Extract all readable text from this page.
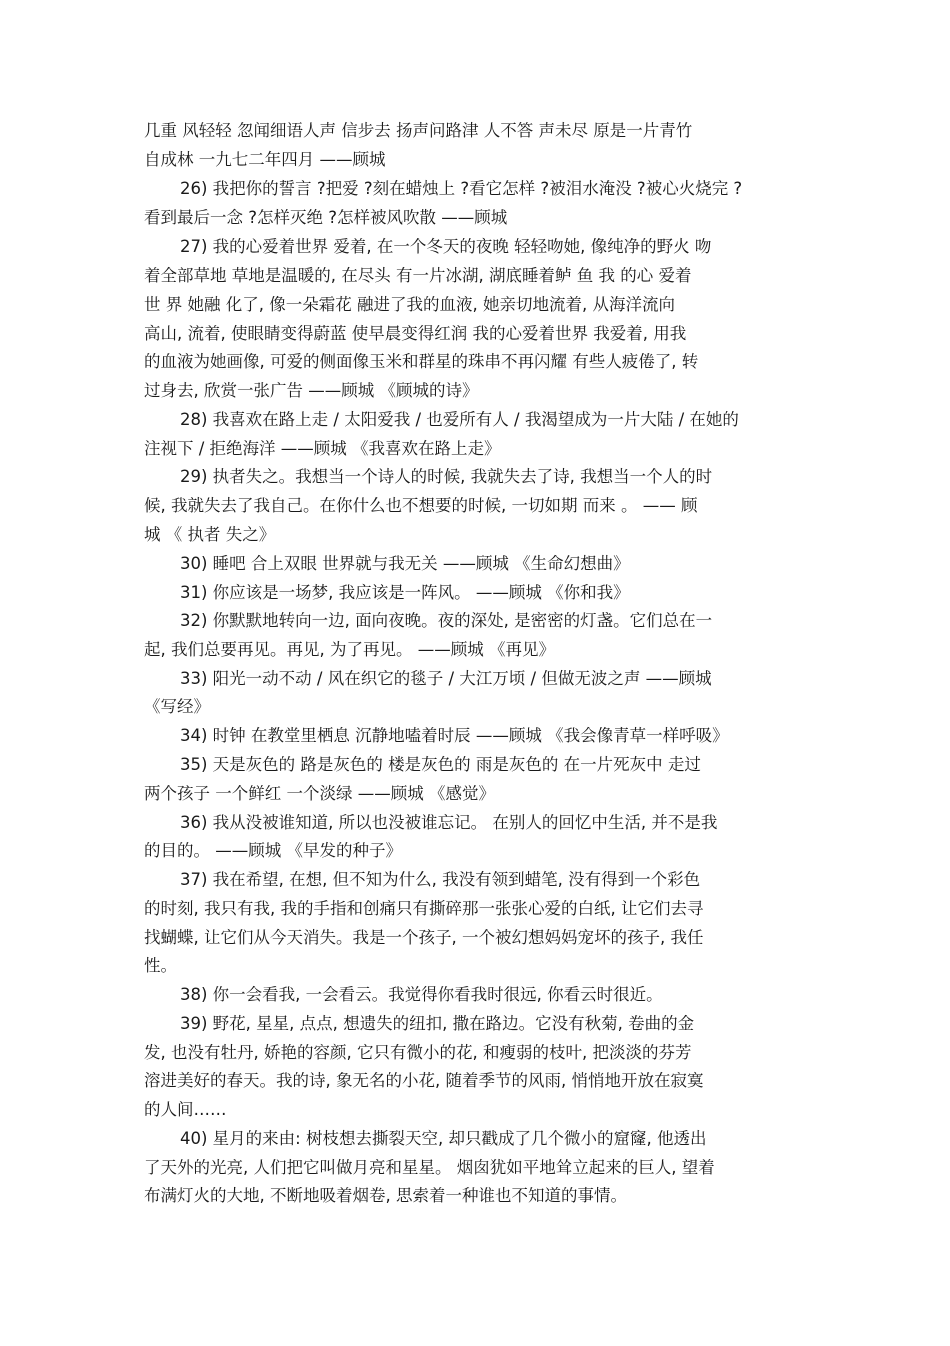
几重 风轻轻 忽闻细语人声 信步去 扬声问路津 人不答 声未尽 原是一片青竹
自成林 一九七二年四月 ——顾城
26) 我把你的誓言 ?把爱 ?刻在蜡烛上 ?看它怎样 ?被泪水淹没 ?被心火烧完 ?
看到最后一念 ?怎样灭绝 ?怎样被风吹散 ——顾城
27) 我的心爱着世界 爱着, 在一个冬天的夜晚 轻轻吻她, 像纯净的野火 吻
着全部草地 草地是温暖的, 在尽头 有一片冰湖, 湖底睡着鲈 鱼 我 的心 爱着
世 界 她融 化了, 像一朵霜花 融进了我的血液, 她亲切地流着, 从海洋流向
高山, 流着, 使眼睛变得蔚蓝 使早晨变得红润 我的心爱着世界 我爱着, 用我
的血液为她画像, 可爱的侧面像玉米和群星的珠串不再闪耀 有些人疲倦了, 转
过身去, 欣赏一张广告 ——顾城 《顾城的诗》
28) 我喜欢在路上走 / 太阳爱我 / 也爱所有人 / 我渴望成为一片大陆 / 在她的
注视下 / 拒绝海洋 ——顾城 《我喜欢在路上走》
29) 执者失之。我想当一个诗人的时候, 我就失去了诗, 我想当一个人的时
候, 我就失去了我自己。在你什么也不想要的时候, 一切如期 而来 。 —— 顾
城 《 执者 失之》
30) 睡吧 合上双眼 世界就与我无关 ——顾城 《生命幻想曲》
31) 你应该是一场梦, 我应该是一阵风。 ——顾城 《你和我》
32) 你默默地转向一边, 面向夜晚。夜的深处, 是密密的灯盏。它们总在一
起, 我们总要再见。再见, 为了再见。 ——顾城 《再见》
33) 阳光一动不动 / 风在织它的毯子 / 大江万顷 / 但做无波之声 ——顾城
《写经》
34) 时钟 在教堂里栖息 沉静地嗑着时辰 ——顾城 《我会像青草一样呼吸》
35) 天是灰色的 路是灰色的 楼是灰色的 雨是灰色的 在一片死灰中 走过
两个孩子 一个鲜红 一个淡绿 ——顾城 《感觉》
36) 我从没被谁知道, 所以也没被谁忘记。 在别人的回忆中生活, 并不是我
的目的。 ——顾城 《早发的种子》
37) 我在希望, 在想, 但不知为什么, 我没有领到蜡笔, 没有得到一个彩色
的时刻, 我只有我, 我的手指和创痛只有撕碎那一张张心爱的白纸, 让它们去寻
找蝴蝶, 让它们从今天消失。我是一个孩子, 一个被幻想妈妈宠坏的孩子, 我任
性。
38) 你一会看我, 一会看云。我觉得你看我时很远, 你看云时很近。
39) 野花, 星星, 点点, 想遗失的纽扣, 撒在路边。它没有秋菊, 卷曲的金
发, 也没有牡丹, 娇艳的容颜, 它只有微小的花, 和瘦弱的枝叶, 把淡淡的芬芳
溶进美好的春天。我的诗, 象无名的小花, 随着季节的风雨, 悄悄地开放在寂寞
的人间……
40) 星月的来由: 树枝想去撕裂天空, 却只戳成了几个微小的窟窿, 他透出
了天外的光亮, 人们把它叫做月亮和星星。 烟囱犹如平地耸立起来的巨人, 望着
布满灯火的大地, 不断地吸着烟卷, 思索着一种谁也不知道的事情。
